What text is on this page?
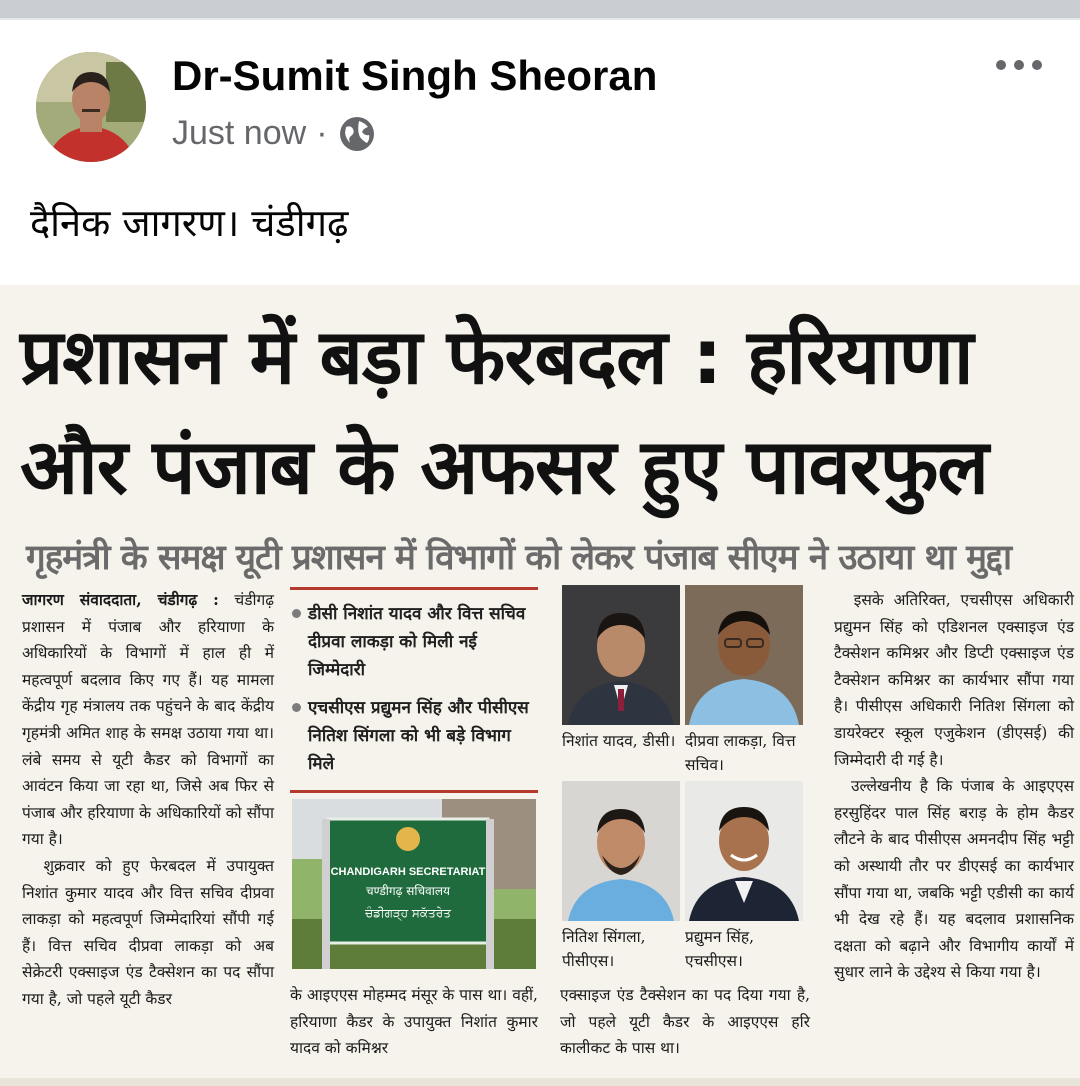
Dr-Sumit Singh Sheoran
Just now ·
दैनिक जागरण। चंडीगढ़
प्रशासन में बड़ा फेरबदल : हरियाणा
और पंजाब के अफसर हुए पावरफुल
गृहमंत्री के समक्ष यूटी प्रशासन में विभागों को लेकर पंजाब सीएम ने उठाया था मुद्दा

जागरण संवाददाता, चंडीगढ़ : चंडीगढ़ प्रशासन में पंजाब और हरियाणा के अधिकारियों के विभागों में हाल ही में महत्वपूर्ण बदलाव किए गए हैं। यह मामला केंद्रीय गृह मंत्रालय तक पहुंचने के बाद केंद्रीय गृहमंत्री अमित शाह के समक्ष उठाया गया था। लंबे समय से यूटी कैडर को विभागों का आवंटन किया जा रहा था, जिसे अब फिर से पंजाब और हरियाणा के अधिकारियों को सौंपा गया है।

शुक्रवार को हुए फेरबदल में उपायुक्त निशांत कुमार यादव और वित्त सचिव दीप्रवा लाकड़ा को महत्वपूर्ण जिम्मेदारियां सौंपी गई हैं। वित्त सचिव दीप्रवा लाकड़ा को अब सेक्रेटरी एक्साइज एंड टैक्सेशन का पद सौंपा गया है, जो पहले यूटी कैडर

डीसी निशांत यादव और वित्त सचिव दीप्रवा लाकड़ा को मिली नई जिम्मेदारी
एचसीएस प्रद्युमन सिंह और पीसीएस नितिश सिंगला को भी बड़े विभाग मिले
CHANDIGARH SECRETARIAT
चण्डीगढ़ सचिवालय
ਚੰਡੀਗੜ੍ਹ ਸਕੱਤਰੇਤ
के आइएएस मोहम्मद मंसूर के पास था। वहीं, हरियाणा कैडर के उपायुक्त निशांत कुमार यादव को कमिश्नर
एक्साइज एंड टैक्सेशन का पद दिया गया है, जो पहले यूटी कैडर के आइएएस हरि कालीकट के पास था।
निशांत यादव, डीसी। दीप्रवा लाकड़ा, वित्त सचिव।
नितिश सिंगला, पीसीएस।
प्रद्युमन सिंह, एचसीएस।

इसके अतिरिक्त, एचसीएस अधिकारी प्रद्युमन सिंह को एडिशनल एक्साइज एंड टैक्सेशन कमिश्नर और डिप्टी एक्साइज एंड टैक्सेशन कमिश्नर का कार्यभार सौंपा गया है। पीसीएस अधिकारी नितिश सिंगला को डायरेक्टर स्कूल एजुकेशन (डीएसई) की जिम्मेदारी दी गई है।

उल्लेखनीय है कि पंजाब के आइएएस हरसुहिंदर पाल सिंह बराड़ के होम कैडर लौटने के बाद पीसीएस अमनदीप सिंह भट्टी को अस्थायी तौर पर डीएसई का कार्यभार सौंपा गया था, जबकि भट्टी एडीसी का कार्य भी देख रहे हैं। यह बदलाव प्रशासनिक दक्षता को बढ़ाने और विभागीय कार्यों में सुधार लाने के उद्देश्य से किया गया है।
